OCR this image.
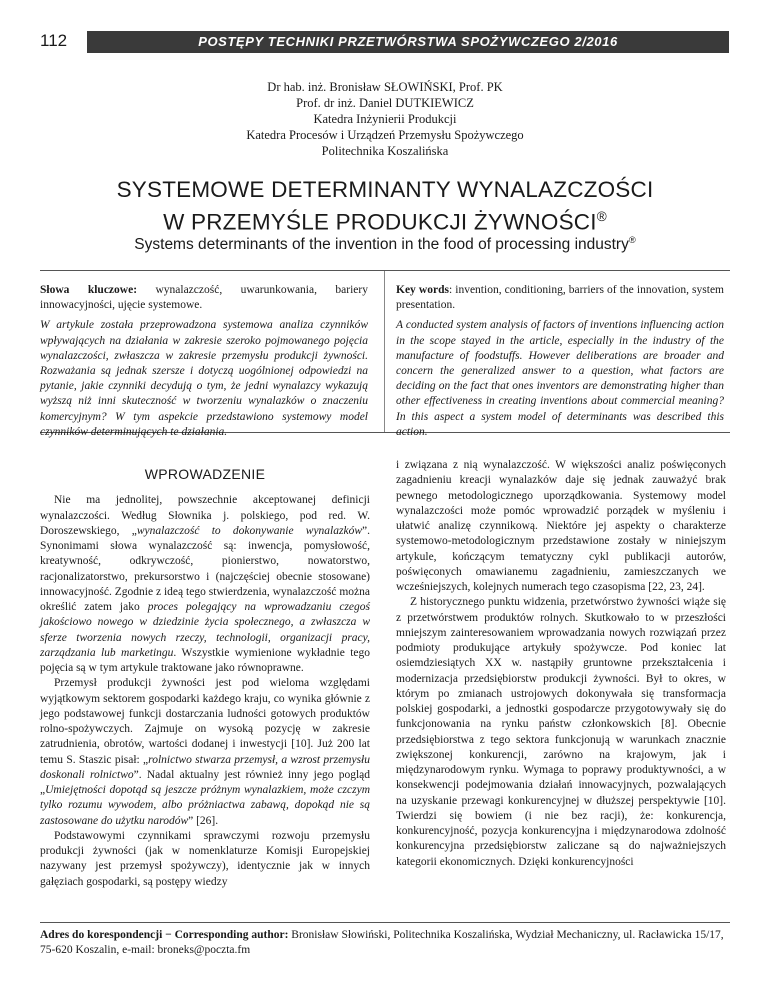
112	POSTĘPY TECHNIKI PRZETWÓRSTWA SPOŻYWCZEGO 2/2016
Dr hab. inż. Bronisław SŁOWIŃSKI, Prof. PK
Prof. dr inż. Daniel DUTKIEWICZ
Katedra Inżynierii Produkcji
Katedra Procesów i Urządzeń Przemysłu Spożywczego
Politechnika Koszalińska
SYSTEMOWE DETERMINANTY WYNALAZCZOŚCI
W PRZEMYŚLE PRODUKCJI ŻYWNOŚCI®
Systems determinants of the invention in the food of processing industry®

Słowa kluczowe: wynalazczość, uwarunkowania, bariery innowacyjności, ujęcie systemowe.

W artykule została przeprowadzona systemowa analiza czynników wpływających na działania w zakresie szeroko pojmowanego pojęcia wynalazczości, zwłaszcza w zakresie przemysłu produkcji żywności. Rozważania są jednak szersze i dotyczą uogólnionej odpowiedzi na pytanie, jakie czynniki decydują o tym, że jedni wynalazcy wykazują wyższą niż inni skuteczność w tworzeniu wynalazków o znaczeniu komercyjnym? W tym aspekcie przedstawiono systemowy model czynników determinujących te działania.

Key words: invention, conditioning, barriers of the innovation, system presentation.

A conducted system analysis of factors of inventions influencing action in the scope stayed in the article, especially in the industry of the manufacture of foodstuffs. However deliberations are broader and concern the generalized answer to a question, what factors are deciding on the fact that ones inventors are demonstrating higher than other effectiveness in creating inventions about commercial meaning? In this aspect a system model of determinants was described this action.

WPROWADZENIE

Nie ma jednolitej, powszechnie akceptowanej definicji wynalazczości. Według Słownika j. polskiego, pod red. W. Doroszewskiego, „wynalazczość to dokonywanie wynalazków”. Synonimami słowa wynalazczość są: inwencja, pomysłowość, kreatywność, odkrywczość, pionierstwo, nowatorstwo, racjonalizatorstwo, prekursorstwo i (najczęściej obecnie stosowane) innowacyjność. Zgodnie z ideą tego stwierdzenia, wynalazczość można określić zatem jako proces polegający na wprowadzaniu czegoś jakościowo nowego w dziedzinie życia społecznego, a zwłaszcza w sferze tworzenia nowych rzeczy, technologii, organizacji pracy, zarządzania lub marketingu. Wszystkie wymienione wykładnie tego pojęcia są w tym artykule traktowane jako równoprawne.

Przemysł produkcji żywności jest pod wieloma względami wyjątkowym sektorem gospodarki każdego kraju, co wynika głównie z jego podstawowej funkcji dostarczania ludności gotowych produktów rolno-spożywczych. Zajmuje on wysoką pozycję w zakresie zatrudnienia, obrotów, wartości dodanej i inwestycji [10]. Już 200 lat temu S. Staszic pisał: „rolnictwo stwarza przemysł, a wzrost przemysłu doskonali rolnictwo”. Nadal aktualny jest również inny jego pogląd „Umiejętności dopotąd są jeszcze próżnym wynalazkiem, może czczym tylko rozumu wywodem, albo próżniactwa zabawą, dopokąd nie są zastosowane do użytku narodów” [26].

Podstawowymi czynnikami sprawczymi rozwoju przemysłu produkcji żywności (jak w nomenklaturze Komisji Europejskiej nazywany jest przemysł spożywczy), identycznie jak w innych gałęziach gospodarki, są postępy wiedzy

i związana z nią wynalazczość. W większości analiz poświęconych zagadnieniu kreacji wynalazków daje się jednak zauważyć brak pewnego metodologicznego uporządkowania. Systemowy model wynalazczości może pomóc wprowadzić porządek w myśleniu i ułatwić analizę czynnikową. Niektóre jej aspekty o charakterze systemowo-metodologicznym przedstawione zostały w niniejszym artykule, kończącym tematyczny cykl publikacji autorów, poświęconych omawianemu zagadnieniu, zamieszczanych we wcześniejszych, kolejnych numerach tego czasopisma [22, 23, 24].

Z historycznego punktu widzenia, przetwórstwo żywności wiąże się z przetwórstwem produktów rolnych. Skutkowało to w przeszłości mniejszym zainteresowaniem wprowadzania nowych rozwiązań przez podmioty produkujące artykuły spożywcze. Pod koniec lat osiemdziesiątych XX w. nastąpiły gruntowne przekształcenia i modernizacja przedsiębiorstw produkcji żywności. Był to okres, w którym po zmianach ustrojowych dokonywała się transformacja polskiej gospodarki, a jednostki gospodarcze przygotowywały się do funkcjonowania na rynku państw członkowskich [8]. Obecnie przedsiębiorstwa z tego sektora funkcjonują w warunkach znacznie zwiększonej konkurencji, zarówno na krajowym, jak i międzynarodowym rynku. Wymaga to poprawy produktywności, a w konsekwencji podejmowania działań innowacyjnych, pozwalających na uzyskanie przewagi konkurencyjnej w dłuższej perspektywie [10]. Twierdzi się bowiem (i nie bez racji), że: konkurencja, konkurencyjność, pozycja konkurencyjna i międzynarodowa zdolność konkurencyjna przedsiębiorstw zaliczane są do najważniejszych kategorii ekonomicznych. Dzięki konkurencyjności

Adres do korespondencji − Corresponding author: Bronisław Słowiński, Politechnika Koszalińska, Wydział Mechaniczny, ul. Racławicka 15/17, 75-620 Koszalin, e-mail: broneks@poczta.fm
